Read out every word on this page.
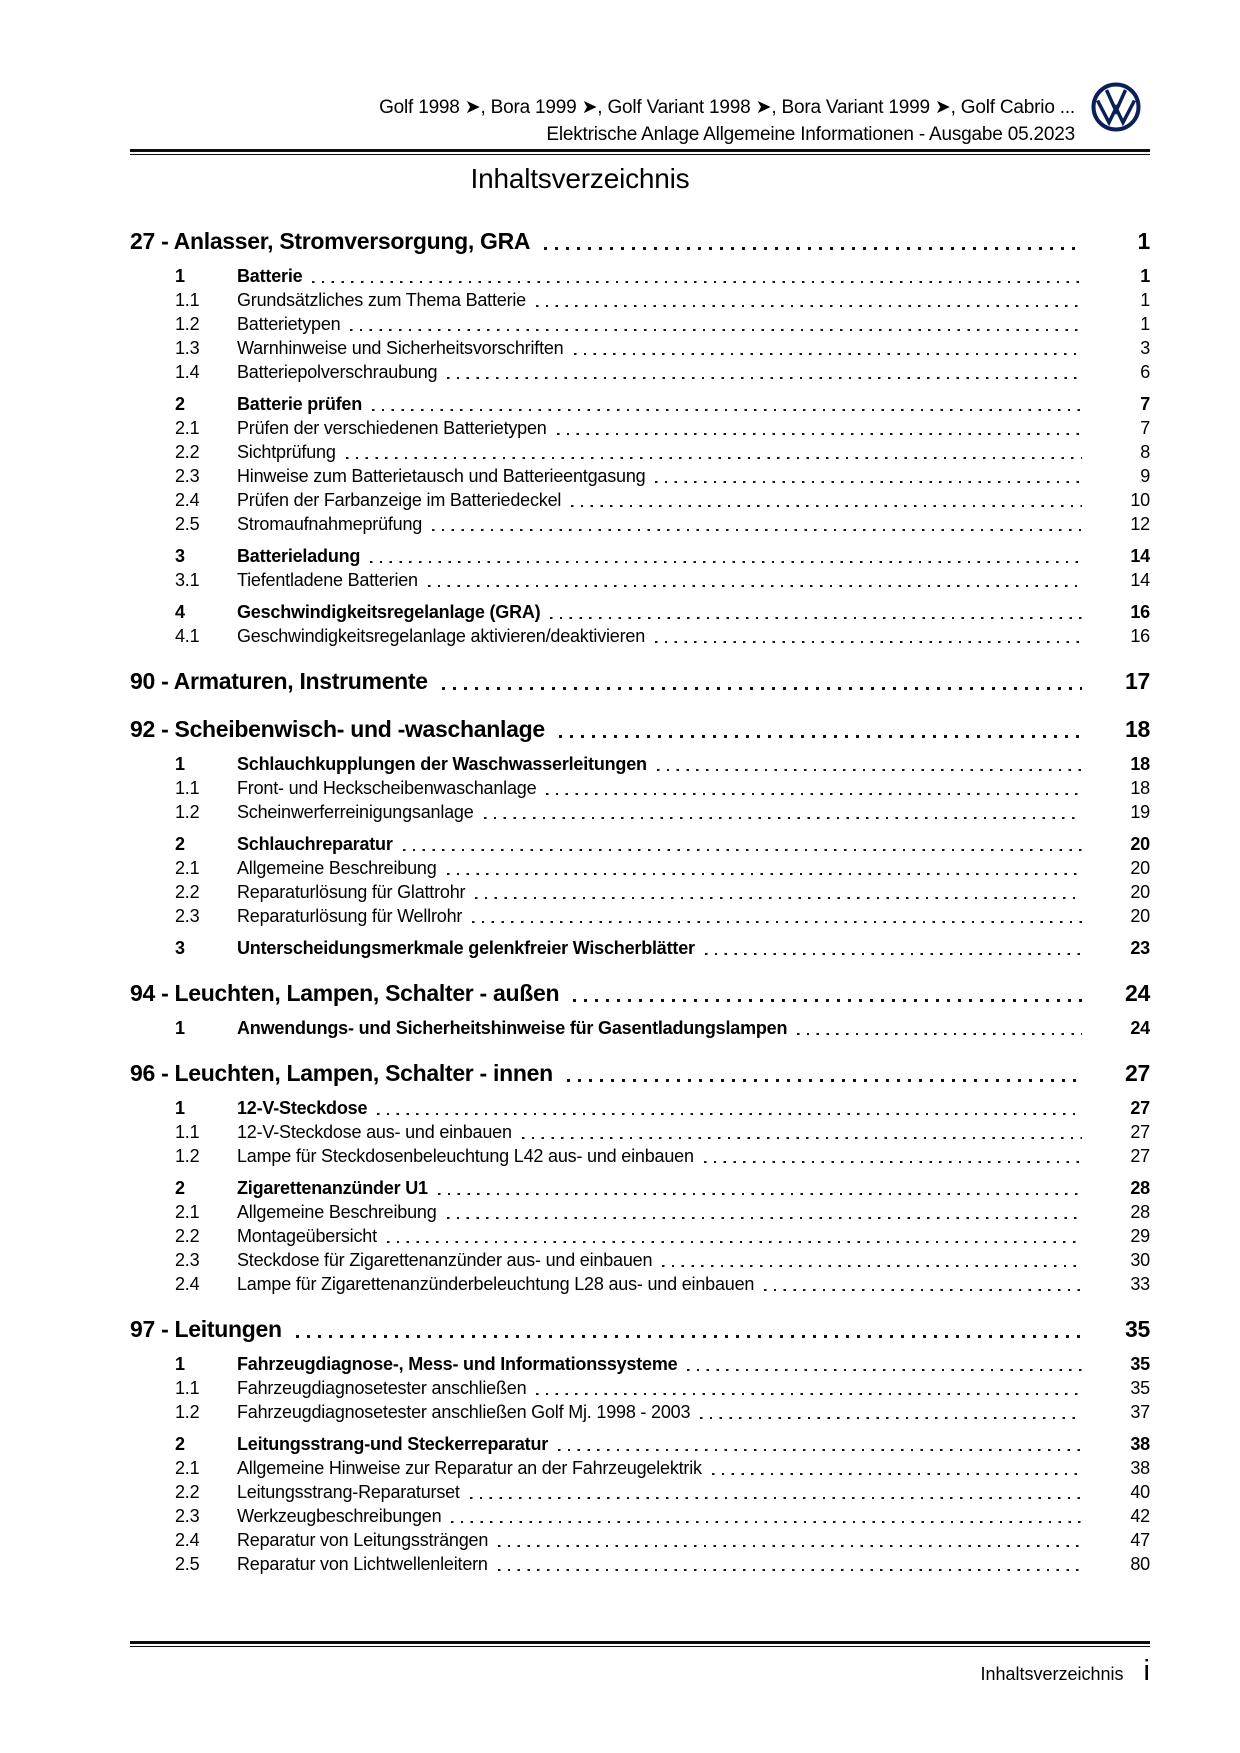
Golf 1998 ➤, Bora 1999 ➤, Golf Variant 1998 ➤, Bora Variant 1999 ➤, Golf Cabrio ...
Elektrische Anlage Allgemeine Informationen - Ausgabe 05.2023
Inhaltsverzeichnis
27 - Anlasser, Stromversorgung, GRA	1
1	Batterie	1
1.1	Grundsätzliches zum Thema Batterie	1
1.2	Batterietypen	1
1.3	Warnhinweise und Sicherheitsvorschriften	3
1.4	Batteriepolverschraubung	6
2	Batterie prüfen	7
2.1	Prüfen der verschiedenen Batterietypen	7
2.2	Sichtprüfung	8
2.3	Hinweise zum Batterietausch und Batterieentgasung	9
2.4	Prüfen der Farbanzeige im Batteriedeckel	10
2.5	Stromaufnahmeprüfung	12
3	Batterieladung	14
3.1	Tiefentladene Batterien	14
4	Geschwindigkeitsregelanlage (GRA)	16
4.1	Geschwindigkeitsregelanlage aktivieren/deaktivieren	16
90 - Armaturen, Instrumente	17
92 - Scheibenwisch- und -waschanlage	18
1	Schlauchkupplungen der Waschwasserleitungen	18
1.1	Front- und Heckscheibenwaschanlage	18
1.2	Scheinwerferreinigungsanlage	19
2	Schlauchreparatur	20
2.1	Allgemeine Beschreibung	20
2.2	Reparaturlösung für Glattrohr	20
2.3	Reparaturlösung für Wellrohr	20
3	Unterscheidungsmerkmale gelenkfreier Wischerblätter	23
94 - Leuchten, Lampen, Schalter - außen	24
1	Anwendungs- und Sicherheitshinweise für Gasentladungslampen	24
96 - Leuchten, Lampen, Schalter - innen	27
1	12-V-Steckdose	27
1.1	12-V-Steckdose aus- und einbauen	27
1.2	Lampe für Steckdosenbeleuchtung L42 aus- und einbauen	27
2	Zigarettenanzünder U1	28
2.1	Allgemeine Beschreibung	28
2.2	Montageübersicht	29
2.3	Steckdose für Zigarettenanzünder aus- und einbauen	30
2.4	Lampe für Zigarettenanzünderbeleuchtung L28 aus- und einbauen	33
97 - Leitungen	35
1	Fahrzeugdiagnose-, Mess- und Informationssysteme	35
1.1	Fahrzeugdiagnosetester anschließen	35
1.2	Fahrzeugdiagnosetester anschließen Golf Mj. 1998 - 2003	37
2	Leitungsstrang-und Steckerreparatur	38
2.1	Allgemeine Hinweise zur Reparatur an der Fahrzeugelektrik	38
2.2	Leitungsstrang-Reparaturset	40
2.3	Werkzeugbeschreibungen	42
2.4	Reparatur von Leitungssträngen	47
2.5	Reparatur von Lichtwellenleitern	80
Inhaltsverzeichnis i
